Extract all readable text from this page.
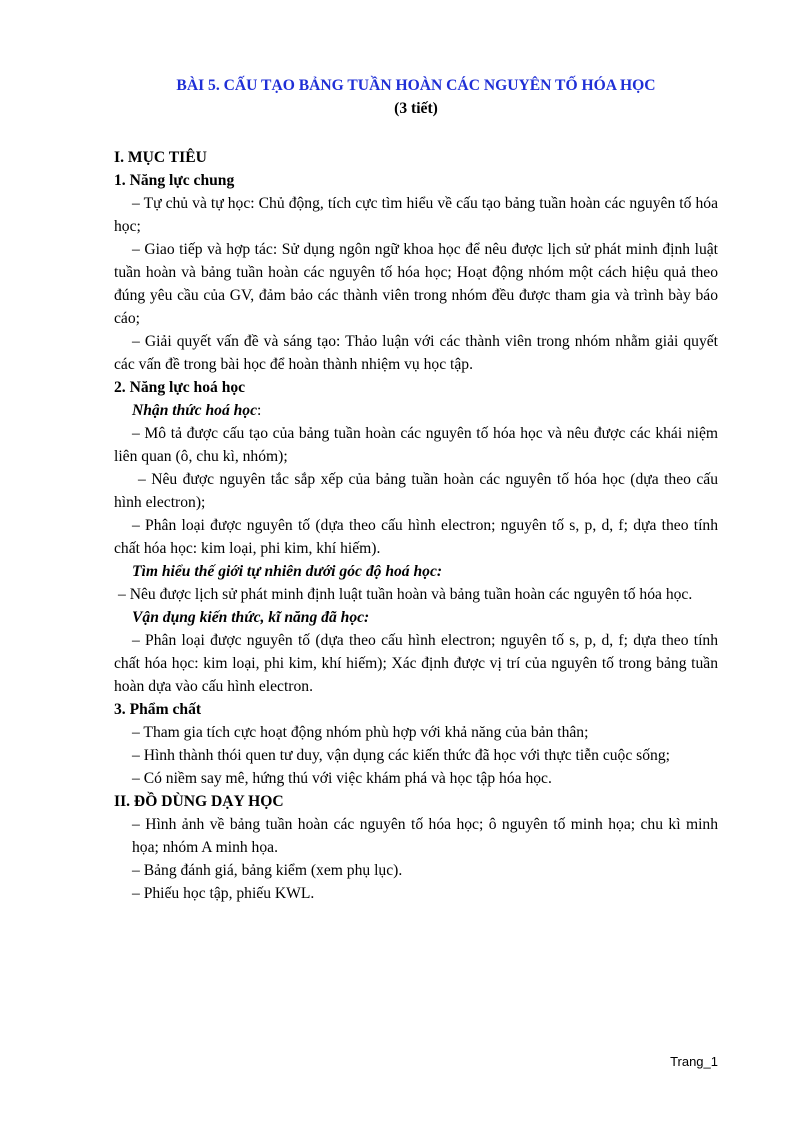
BÀI 5. CẤU TẠO BẢNG TUẦN HOÀN CÁC NGUYÊN TỐ HÓA HỌC

(3 tiết)

I. MỤC TIÊU

1. Năng lực chung

– Tự chủ và tự học: Chủ động, tích cực tìm hiểu về cấu tạo bảng tuần hoàn các nguyên tố hóa học;

– Giao tiếp và hợp tác: Sử dụng ngôn ngữ khoa học để nêu được lịch sử phát minh định luật tuần hoàn và bảng tuần hoàn các nguyên tố hóa học; Hoạt động nhóm một cách hiệu quả theo đúng yêu cầu của GV, đảm bảo các thành viên trong nhóm đều được tham gia và trình bày báo cáo;

– Giải quyết vấn đề và sáng tạo: Thảo luận với các thành viên trong nhóm nhằm giải quyết các vấn đề trong bài học để hoàn thành nhiệm vụ học tập.

2. Năng lực hoá học

Nhận thức hoá học:

– Mô tả được cấu tạo của bảng tuần hoàn các nguyên tố hóa học và nêu được các khái niệm liên quan (ô, chu kì, nhóm);

– Nêu được nguyên tắc sắp xếp của bảng tuần hoàn các nguyên tố hóa học (dựa theo cấu hình electron);

– Phân loại được nguyên tố (dựa theo cấu hình electron; nguyên tố s, p, d, f; dựa theo tính chất hóa học: kim loại, phi kim, khí hiếm).

Tìm hiểu thế giới tự nhiên dưới góc độ hoá học:

– Nêu được lịch sử phát minh định luật tuần hoàn và bảng tuần hoàn các nguyên tố hóa học.

Vận dụng kiến thức, kĩ năng đã học:

– Phân loại được nguyên tố (dựa theo cấu hình electron; nguyên tố s, p, d, f; dựa theo tính chất hóa học: kim loại, phi kim, khí hiếm); Xác định được vị trí của nguyên tố trong bảng tuần hoàn dựa vào cấu hình electron.

3. Phẩm chất

– Tham gia tích cực hoạt động nhóm phù hợp với khả năng của bản thân;

– Hình thành thói quen tư duy, vận dụng các kiến thức đã học với thực tiễn cuộc sống;

– Có niềm say mê, hứng thú với việc khám phá và học tập hóa học.

II. ĐỒ DÙNG DẠY HỌC

– Hình ảnh về bảng tuần hoàn các nguyên tố hóa học; ô nguyên tố minh họa; chu kì minh họa; nhóm A minh họa.

– Bảng đánh giá, bảng kiểm (xem phụ lục).

– Phiếu học tập, phiếu KWL.

Trang_1
